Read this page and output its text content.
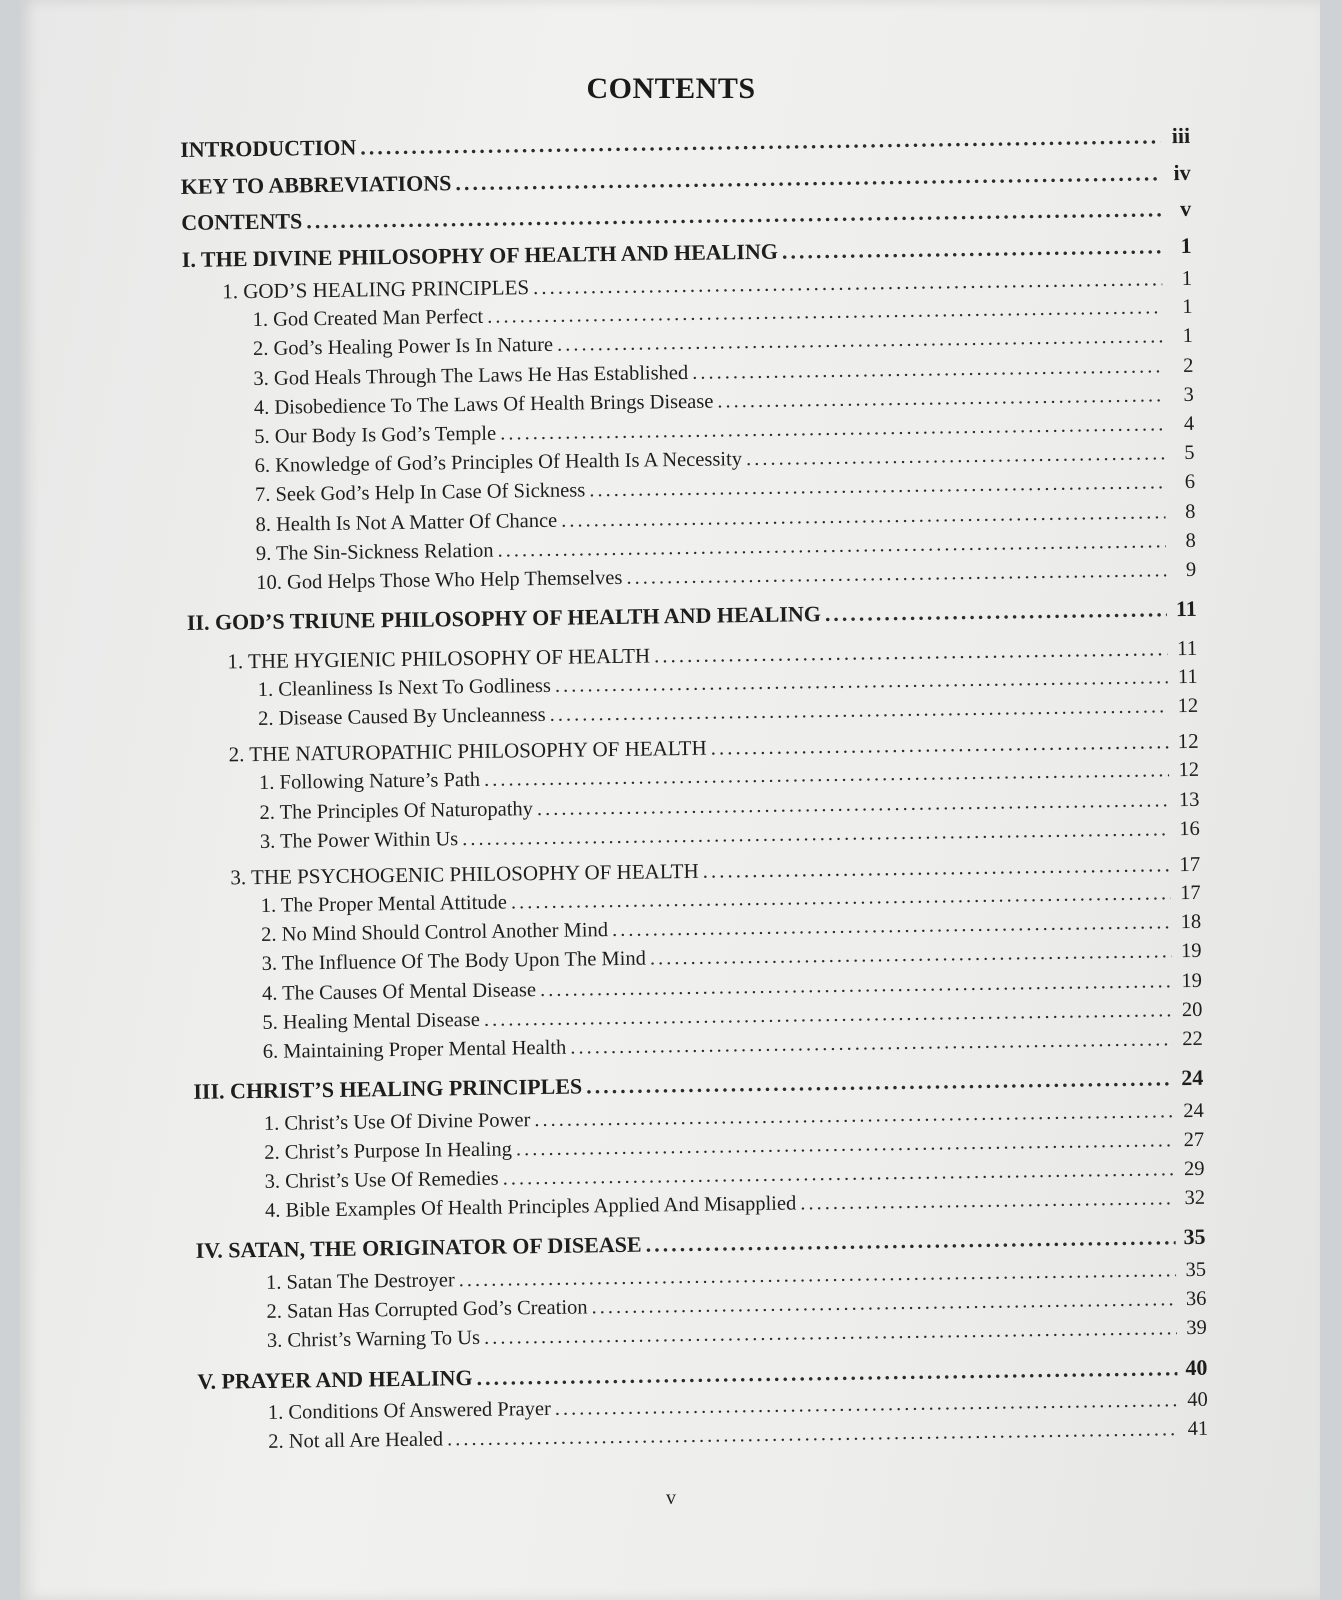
CONTENTS
INTRODUCTION .....	iii
KEY TO ABBREVIATIONS .....	iv
CONTENTS .....	v
I. THE DIVINE PHILOSOPHY OF HEALTH AND HEALING .....	1
1. GOD’S HEALING PRINCIPLES .....	1
1. God Created Man Perfect .....	1
2. God’s Healing Power Is In Nature .....	1
3. God Heals Through The Laws He Has Established .....	2
4. Disobedience To The Laws Of Health Brings Disease .....	3
5. Our Body Is God’s Temple .....	4
6. Knowledge of God’s Principles Of Health Is A Necessity .....	5
7. Seek God’s Help In Case Of Sickness .....	6
8. Health Is Not A Matter Of Chance .....	8
9. The Sin-Sickness Relation .....	8
10. God Helps Those Who Help Themselves .....	9
II. GOD’S TRIUNE PHILOSOPHY OF HEALTH AND HEALING .....	11
1. THE HYGIENIC PHILOSOPHY OF HEALTH .....	11
1. Cleanliness Is Next To Godliness .....	11
2. Disease Caused By Uncleanness .....	12
2. THE NATUROPATHIC PHILOSOPHY OF HEALTH .....	12
1. Following Nature’s Path .....	12
2. The Principles Of Naturopathy .....	13
3. The Power Within Us .....	16
3. THE PSYCHOGENIC PHILOSOPHY OF HEALTH .....	17
1. The Proper Mental Attitude .....	17
2. No Mind Should Control Another Mind .....	18
3. The Influence Of The Body Upon The Mind .....	19
4. The Causes Of Mental Disease .....	19
5. Healing Mental Disease .....	20
6. Maintaining Proper Mental Health .....	22
III. CHRIST’S HEALING PRINCIPLES .....	24
1. Christ’s Use Of Divine Power .....	24
2. Christ’s Purpose In Healing .....	27
3. Christ’s Use Of Remedies .....	29
4. Bible Examples Of Health Principles Applied And Misapplied .....	32
IV. SATAN, THE ORIGINATOR OF DISEASE .....	35
1. Satan The Destroyer .....	35
2. Satan Has Corrupted God’s Creation .....	36
3. Christ’s Warning To Us .....	39
V. PRAYER AND HEALING .....	40
1. Conditions Of Answered Prayer .....	40
2. Not all Are Healed .....	41
v
